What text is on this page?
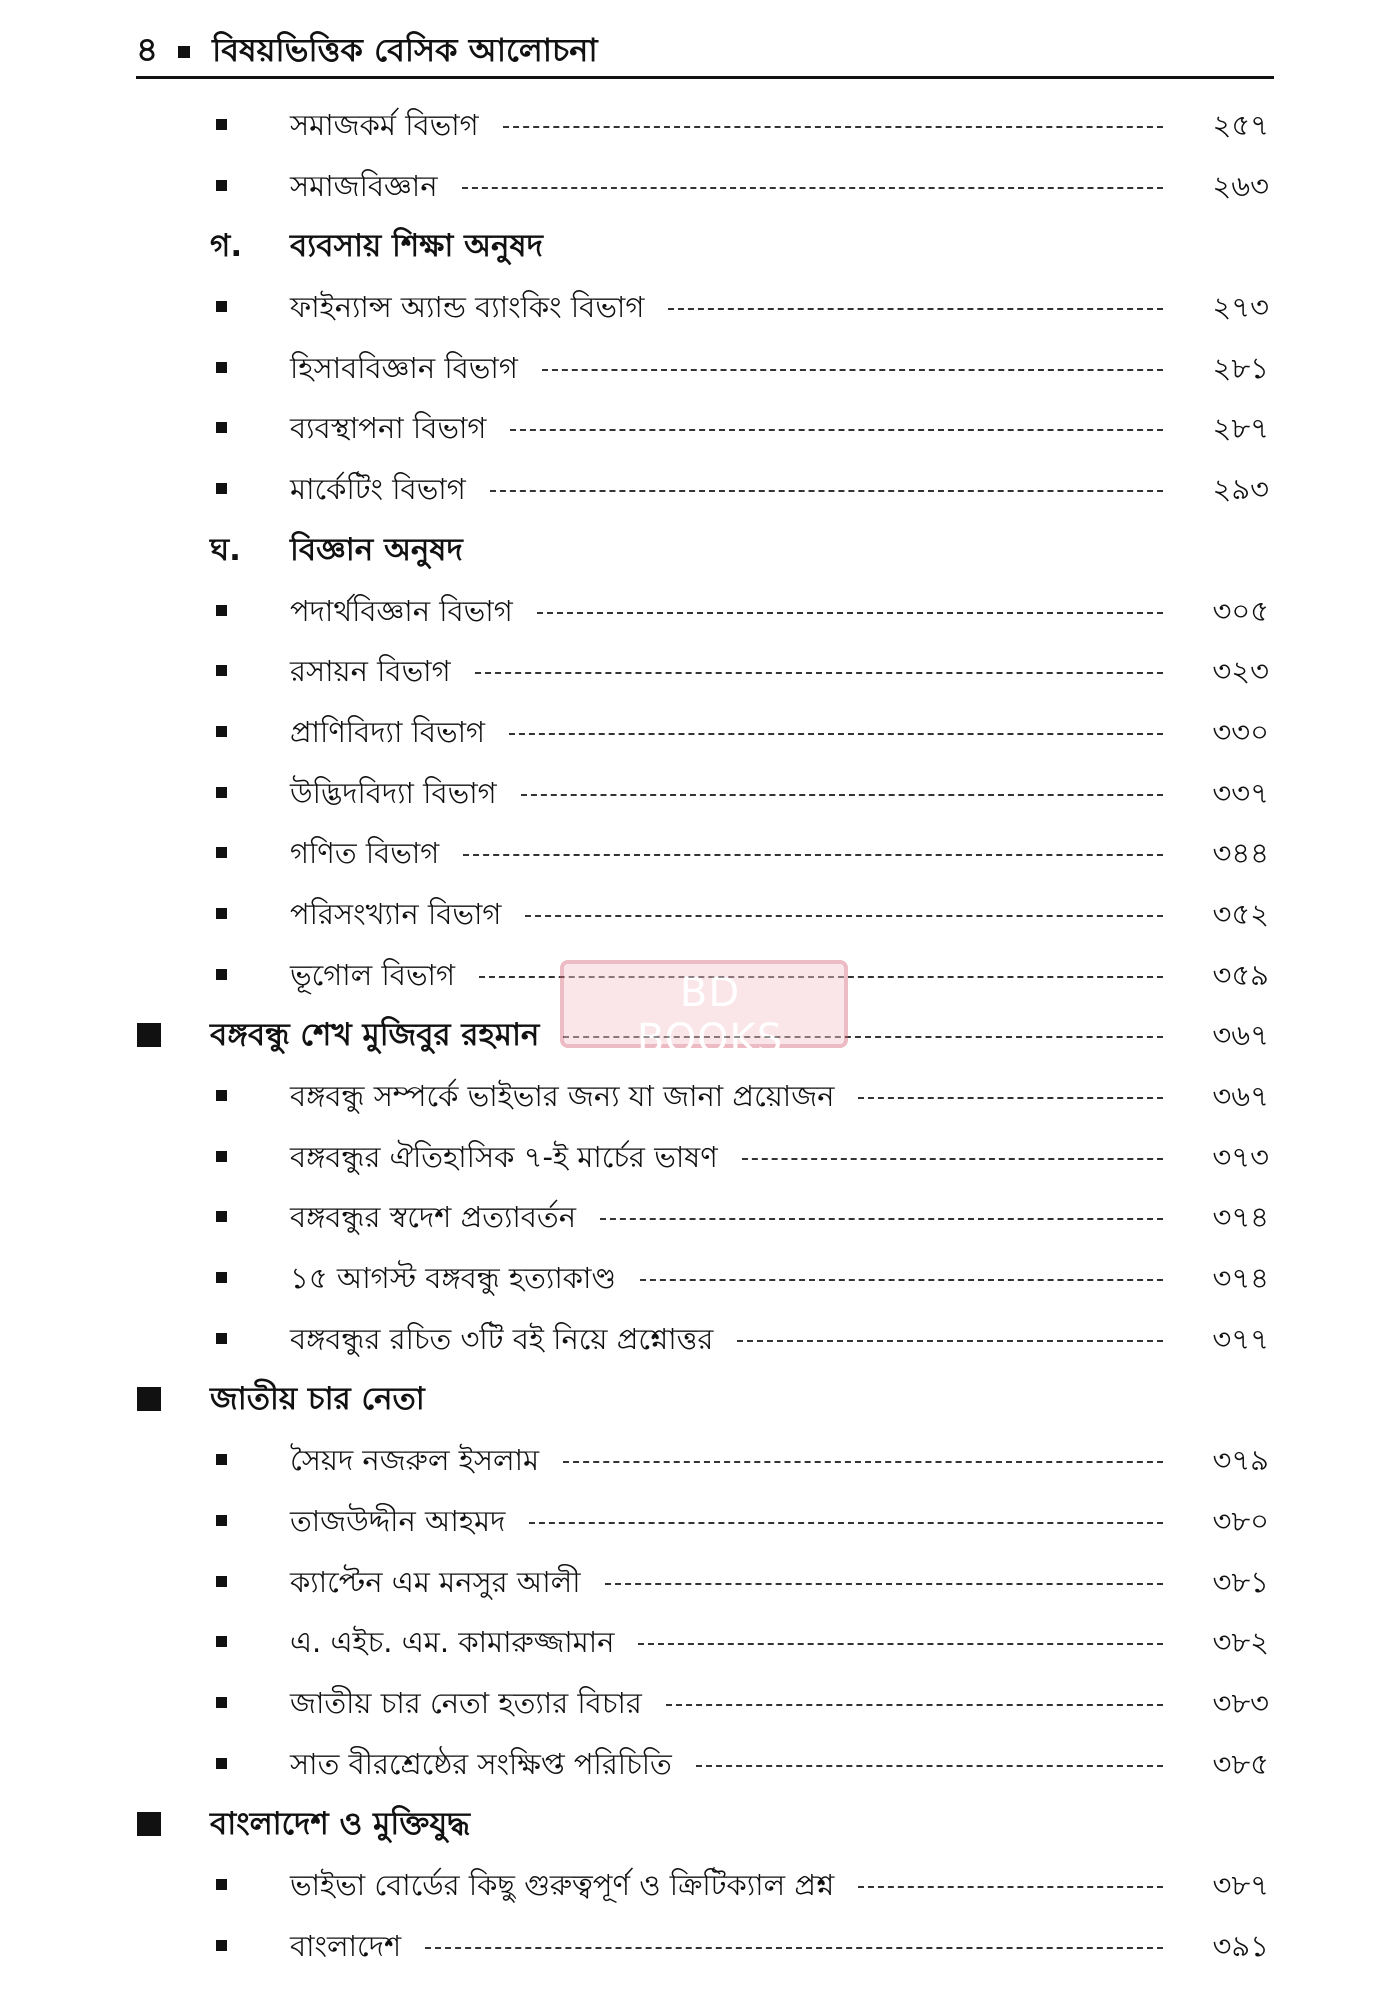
৪ বিষয়ভিত্তিক বেসিক আলোচনা
সমাজকর্ম বিভাগ	২৫৭
সমাজবিজ্ঞান	২৬৩
গ. ব্যবসায় শিক্ষা অনুষদ
ফাইন্যান্স অ্যান্ড ব্যাংকিং বিভাগ	২৭৩
হিসাববিজ্ঞান বিভাগ	২৮১
ব্যবস্থাপনা বিভাগ	২৮৭
মার্কেটিং বিভাগ	২৯৩
ঘ. বিজ্ঞান অনুষদ
পদার্থবিজ্ঞান বিভাগ	৩০৫
রসায়ন বিভাগ	৩২৩
প্রাণিবিদ্যা বিভাগ	৩৩০
উদ্ভিদবিদ্যা বিভাগ	৩৩৭
গণিত বিভাগ	৩৪৪
পরিসংখ্যান বিভাগ	৩৫২
ভূগোল বিভাগ	৩৫৯
বঙ্গবন্ধু শেখ মুজিবুর রহমান	৩৬৭
বঙ্গবন্ধু সম্পর্কে ভাইভার জন্য যা জানা প্রয়োজন	৩৬৭
বঙ্গবন্ধুর ঐতিহাসিক ৭-ই মার্চের ভাষণ	৩৭৩
বঙ্গবন্ধুর স্বদেশ প্রত্যাবর্তন	৩৭৪
১৫ আগস্ট বঙ্গবন্ধু হত্যাকাণ্ড	৩৭৪
বঙ্গবন্ধুর রচিত ৩টি বই নিয়ে প্রশ্নোত্তর	৩৭৭
জাতীয় চার নেতা
সৈয়দ নজরুল ইসলাম	৩৭৯
তাজউদ্দীন আহমদ	৩৮০
ক্যাপ্টেন এম মনসুর আলী	৩৮১
এ. এইচ. এম. কামারুজ্জামান	৩৮২
জাতীয় চার নেতা হত্যার বিচার	৩৮৩
সাত বীরশ্রেষ্ঠের সংক্ষিপ্ত পরিচিতি	৩৮৫
বাংলাদেশ ও মুক্তিযুদ্ধ
ভাইভা বোর্ডের কিছু গুরুত্বপূর্ণ ও ক্রিটিক্যাল প্রশ্ন	৩৮৭
বাংলাদেশ	৩৯১
BD BOOKS
